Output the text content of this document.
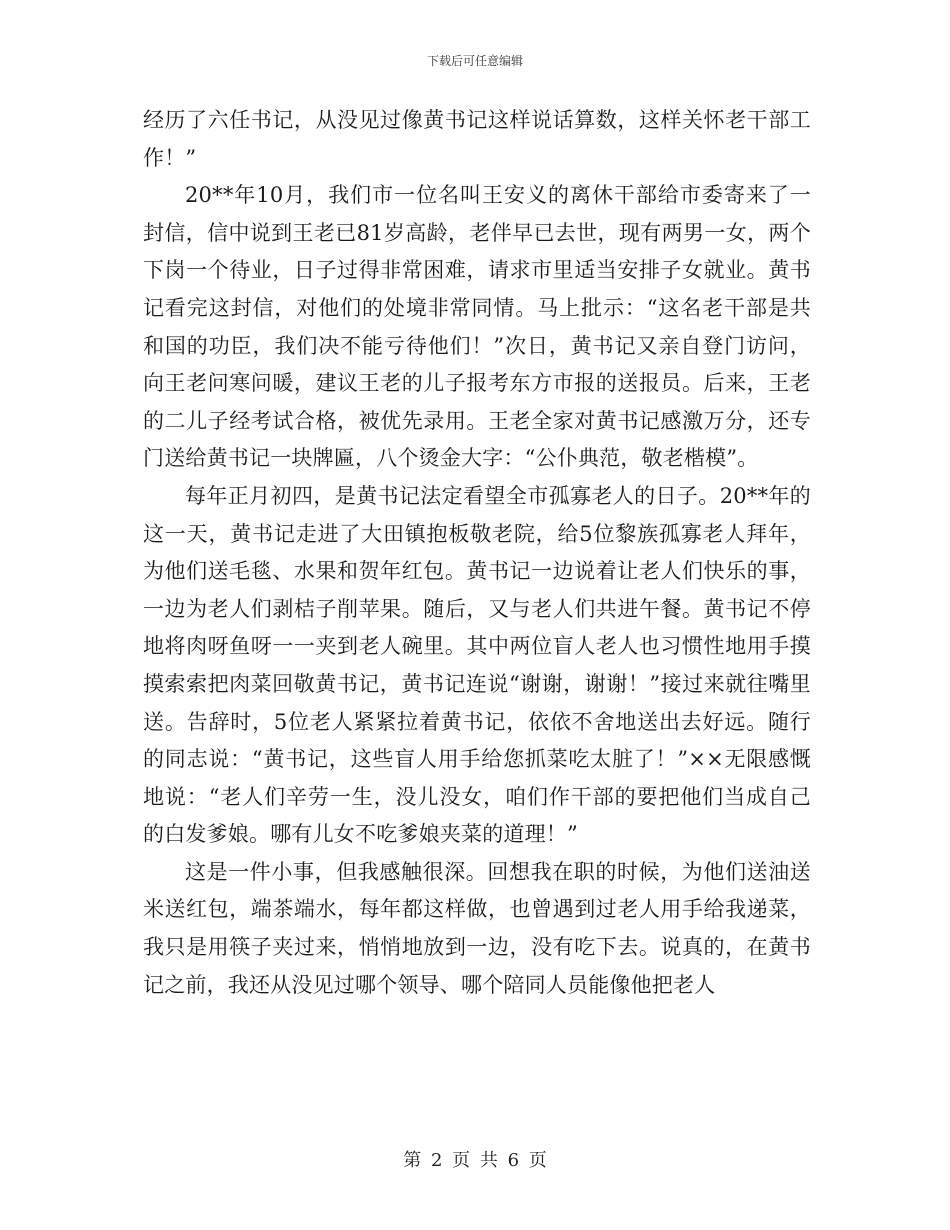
下载后可任意编辑

经历了六任书记，从没见过像黄书记这样说话算数，这样关怀老干部工作！”

20**年10月，我们市一位名叫王安义的离休干部给市委寄来了一封信，信中说到王老已81岁高龄，老伴早已去世，现有两男一女，两个下岗一个待业，日子过得非常困难，请求市里适当安排子女就业。黄书记看完这封信，对他们的处境非常同情。马上批示：“这名老干部是共和国的功臣，我们决不能亏待他们！”次日，黄书记又亲自登门访问，向王老问寒问暖，建议王老的儿子报考东方市报的送报员。后来，王老的二儿子经考试合格，被优先录用。王老全家对黄书记感激万分，还专门送给黄书记一块牌匾，八个烫金大字：“公仆典范，敬老楷模”。

每年正月初四，是黄书记法定看望全市孤寡老人的日子。20**年的这一天，黄书记走进了大田镇抱板敬老院，给5位黎族孤寡老人拜年，为他们送毛毯、水果和贺年红包。黄书记一边说着让老人们快乐的事，一边为老人们剥桔子削苹果。随后，又与老人们共进午餐。黄书记不停地将肉呀鱼呀一一夹到老人碗里。其中两位盲人老人也习惯性地用手摸摸索索把肉菜回敬黄书记，黄书记连说“谢谢，谢谢！”接过来就往嘴里送。告辞时，5位老人紧紧拉着黄书记，依依不舍地送出去好远。随行的同志说：“黄书记，这些盲人用手给您抓菜吃太脏了！”××无限感慨地说：“老人们辛劳一生，没儿没女，咱们作干部的要把他们当成自己的白发爹娘。哪有儿女不吃爹娘夹菜的道理！”

这是一件小事，但我感触很深。回想我在职的时候，为他们送油送米送红包，端茶端水，每年都这样做，也曾遇到过老人用手给我递菜，我只是用筷子夹过来，悄悄地放到一边，没有吃下去。说真的，在黄书记之前，我还从没见过哪个领导、哪个陪同人员能像他把老人

第 2 页 共 6 页
